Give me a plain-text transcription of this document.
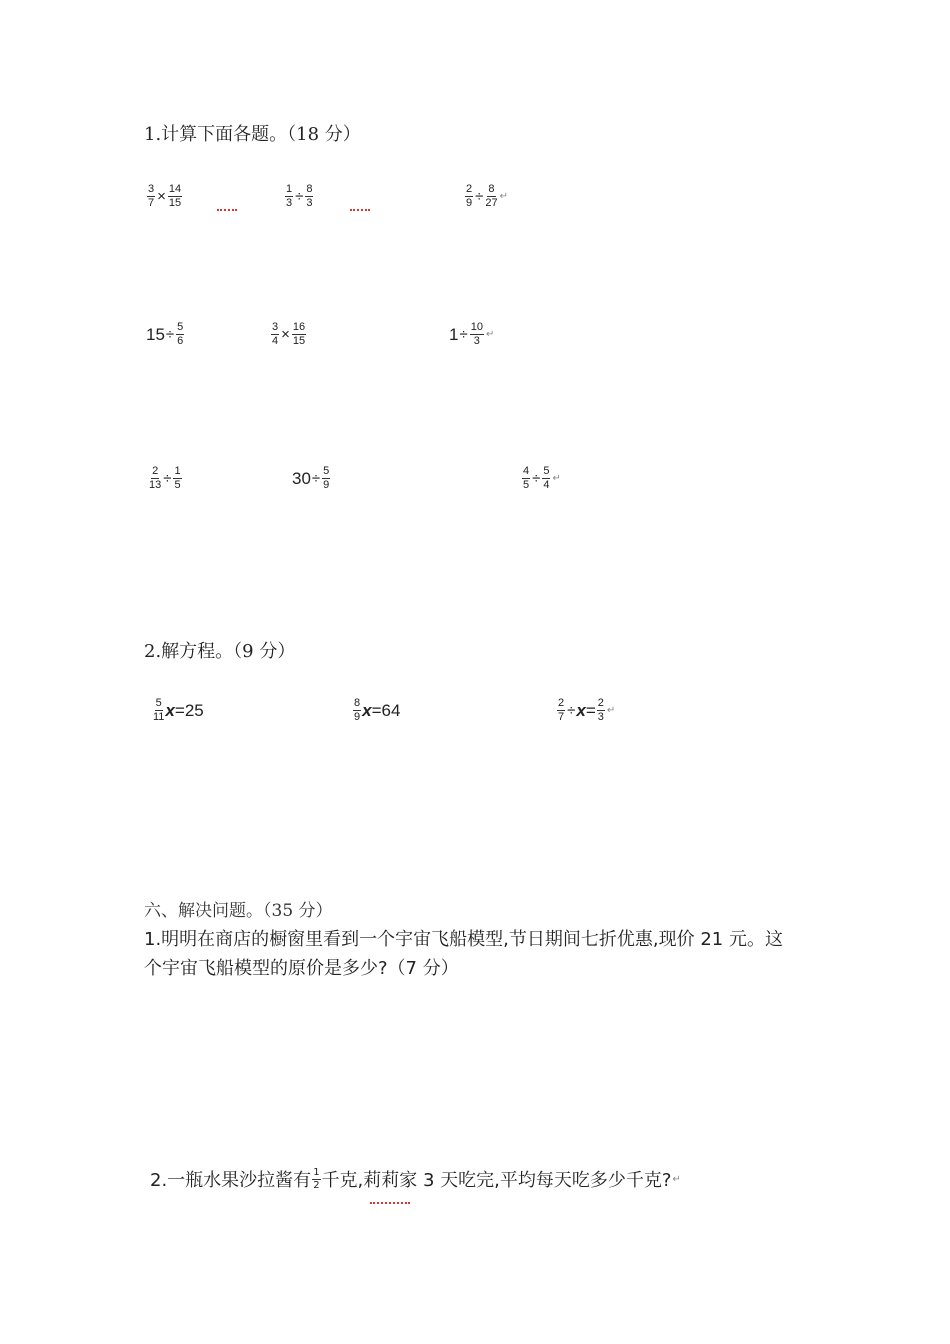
1.计算下面各题。（18 分）
$\frac{3}{7} \times \frac{14}{15}$	$\frac{1}{3} \div \frac{8}{3}$	$\frac{2}{9} \div \frac{8}{27}$ ↵
$15 \div \frac{5}{6}$	$\frac{3}{4} \times \frac{16}{15}$	$1 \div \frac{10}{3}$ ↵
$\frac{2}{13} \div \frac{1}{5}$	$30 \div \frac{5}{9}$	$\frac{4}{5} \div \frac{5}{4}$ ↵
2.解方程。（9 分）
$\frac{5}{11}$ x =25	$\frac{8}{9}$ x =64	$\frac{2}{7} \div x = \frac{2}{3}$ ↵
六、解决问题。（35 分）
1.明明在商店的橱窗里看到一个宇宙飞船模型,节日期间七折优惠,现价 21 元。这
个宇宙飞船模型的原价是多少?（7 分）
2.一瓶水果沙拉酱有 $\frac{1}{2}$ 千克,莉莉家 3 天吃完,平均每天吃多少千克? ↵
